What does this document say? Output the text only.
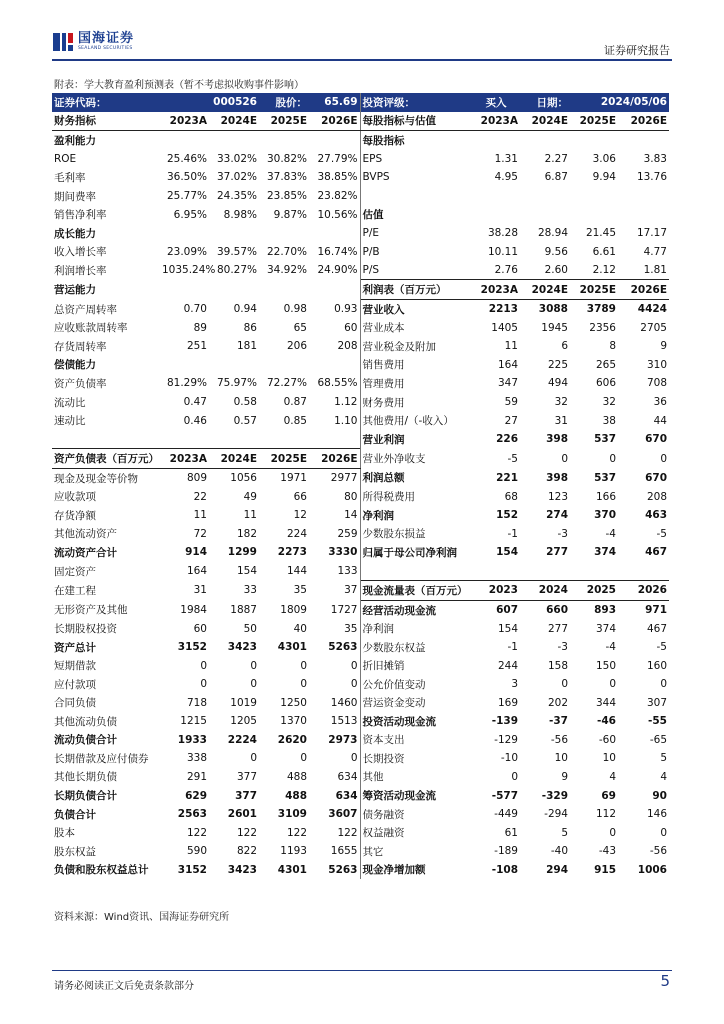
国海证券
SEALAND SECURITIES	证券研究报告
附表：学大教育盈利预测表（暂不考虑拟收购事件影响）
证券代码：	000526		股价：	65.69	投资评级：	买入	日期：	2024/05/06	
财务指标	2023A	2024E	2025E	2026E	每股指标与估值	2023A	2024E	2025E	2026E
盈利能力					每股指标				
ROE	25.46%	33.02%	30.82%	27.79%	EPS	1.31	2.27	3.06	3.83
毛利率	36.50%	37.02%	37.83%	38.85%	BVPS	4.95	6.87	9.94	13.76
期间费率	25.77%	24.35%	23.85%	23.82%					
销售净利率	6.95%	8.98%	9.87%	10.56%	估值				
成长能力					P/E	38.28	28.94	21.45	17.17
收入增长率	23.09%	39.57%	22.70%	16.74%	P/B	10.11	9.56	6.61	4.77
利润增长率	1035.24%	80.27%	34.92%	24.90%	P/S	2.76	2.60	2.12	1.81
营运能力					利润表（百万元）	2023A	2024E	2025E	2026E
总资产周转率	0.70	0.94	0.98	0.93	营业收入	2213	3088	3789	4424
应收账款周转率	89	86	65	60	营业成本	1405	1945	2356	2705
存货周转率	251	181	206	208	营业税金及附加	11	6	8	9
偿债能力					销售费用	164	225	265	310
资产负债率	81.29%	75.97%	72.27%	68.55%	管理费用	347	494	606	708
流动比	0.47	0.58	0.87	1.12	财务费用	59	32	32	36
速动比	0.46	0.57	0.85	1.10	其他费用/（-收入）	27	31	38	44
					营业利润	226	398	537	670
资产负债表（百万元）	2023A	2024E	2025E	2026E	营业外净收支	-5	0	0	0
现金及现金等价物	809	1056	1971	2977	利润总额	221	398	537	670
应收款项	22	49	66	80	所得税费用	68	123	166	208
存货净额	11	11	12	14	净利润	152	274	370	463
其他流动资产	72	182	224	259	少数股东损益	-1	-3	-4	-5
流动资产合计	914	1299	2273	3330	归属于母公司净利润	154	277	374	467
固定资产	164	154	144	133					
在建工程	31	33	35	37	现金流量表（百万元）	2023	2024	2025	2026
无形资产及其他	1984	1887	1809	1727	经营活动现金流	607	660	893	971
长期股权投资	60	50	40	35	净利润	154	277	374	467
资产总计	3152	3423	4301	5263	少数股东权益	-1	-3	-4	-5
短期借款	0	0	0	0	折旧摊销	244	158	150	160
应付款项	0	0	0	0	公允价值变动	3	0	0	0
合同负债	718	1019	1250	1460	营运资金变动	169	202	344	307
其他流动负债	1215	1205	1370	1513	投资活动现金流	-139	-37	-46	-55
流动负债合计	1933	2224	2620	2973	资本支出	-129	-56	-60	-65
长期借款及应付债券	338	0	0	0	长期投资	-10	10	10	5
其他长期负债	291	377	488	634	其他	0	9	4	4
长期负债合计	629	377	488	634	筹资活动现金流	-577	-329	69	90
负债合计	2563	2601	3109	3607	债务融资	-449	-294	112	146
股本	122	122	122	122	权益融资	61	5	0	0
股东权益	590	822	1193	1655	其它	-189	-40	-43	-56
负债和股东权益总计	3152	3423	4301	5263	现金净增加额	-108	294	915	1006
资料来源：Wind资讯、国海证券研究所
请务必阅读正文后免责条款部分	5
